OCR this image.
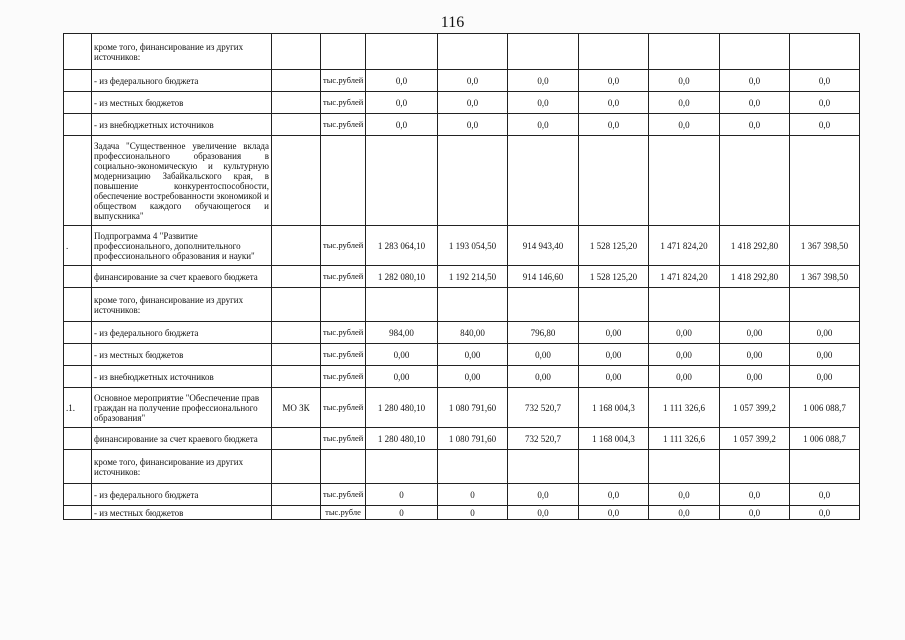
116
	кроме того, финансирование из других источников:									
	- из федерального бюджета		тыс.рублей	0,0	0,0	0,0	0,0	0,0	0,0	0,0
	- из местных бюджетов		тыс.рублей	0,0	0,0	0,0	0,0	0,0	0,0	0,0
	- из внебюджетных источников		тыс.рублей	0,0	0,0	0,0	0,0	0,0	0,0	0,0
	Задача "Существенное увеличение вклада профессионального образования в социально-экономическую и культурную модернизацию Забайкальского края, в повышение конкурентоспособности, обеспечение востребованности экономикой и обществом каждого обучающегося и выпускника"									
.	Подпрограмма 4 "Развитие профессионального, дополнительного профессионального образования и науки"		тыс.рублей	1 283 064,10	1 193 054,50	914 943,40	1 528 125,20	1 471 824,20	1 418 292,80	1 367 398,50
	финансирование за счет краевого бюджета		тыс.рублей	1 282 080,10	1 192 214,50	914 146,60	1 528 125,20	1 471 824,20	1 418 292,80	1 367 398,50
	кроме того, финансирование из других источников:									
	- из федерального бюджета		тыс.рублей	984,00	840,00	796,80	0,00	0,00	0,00	0,00
	- из местных бюджетов		тыс.рублей	0,00	0,00	0,00	0,00	0,00	0,00	0,00
	- из внебюджетных источников		тыс.рублей	0,00	0,00	0,00	0,00	0,00	0,00	0,00
.1.	Основное мероприятие "Обеспечение прав граждан на получение профессионального образования"	МО ЗК	тыс.рублей	1 280 480,10	1 080 791,60	732 520,7	1 168 004,3	1 111 326,6	1 057 399,2	1 006 088,7
	финансирование за счет краевого бюджета		тыс.рублей	1 280 480,10	1 080 791,60	732 520,7	1 168 004,3	1 111 326,6	1 057 399,2	1 006 088,7
	кроме того, финансирование из других источников:									
	- из федерального бюджета		тыс.рублей	0	0	0,0	0,0	0,0	0,0	0,0
	- из местных бюджетов		тыс.рубле	0	0	0,0	0,0	0,0	0,0	0,0
